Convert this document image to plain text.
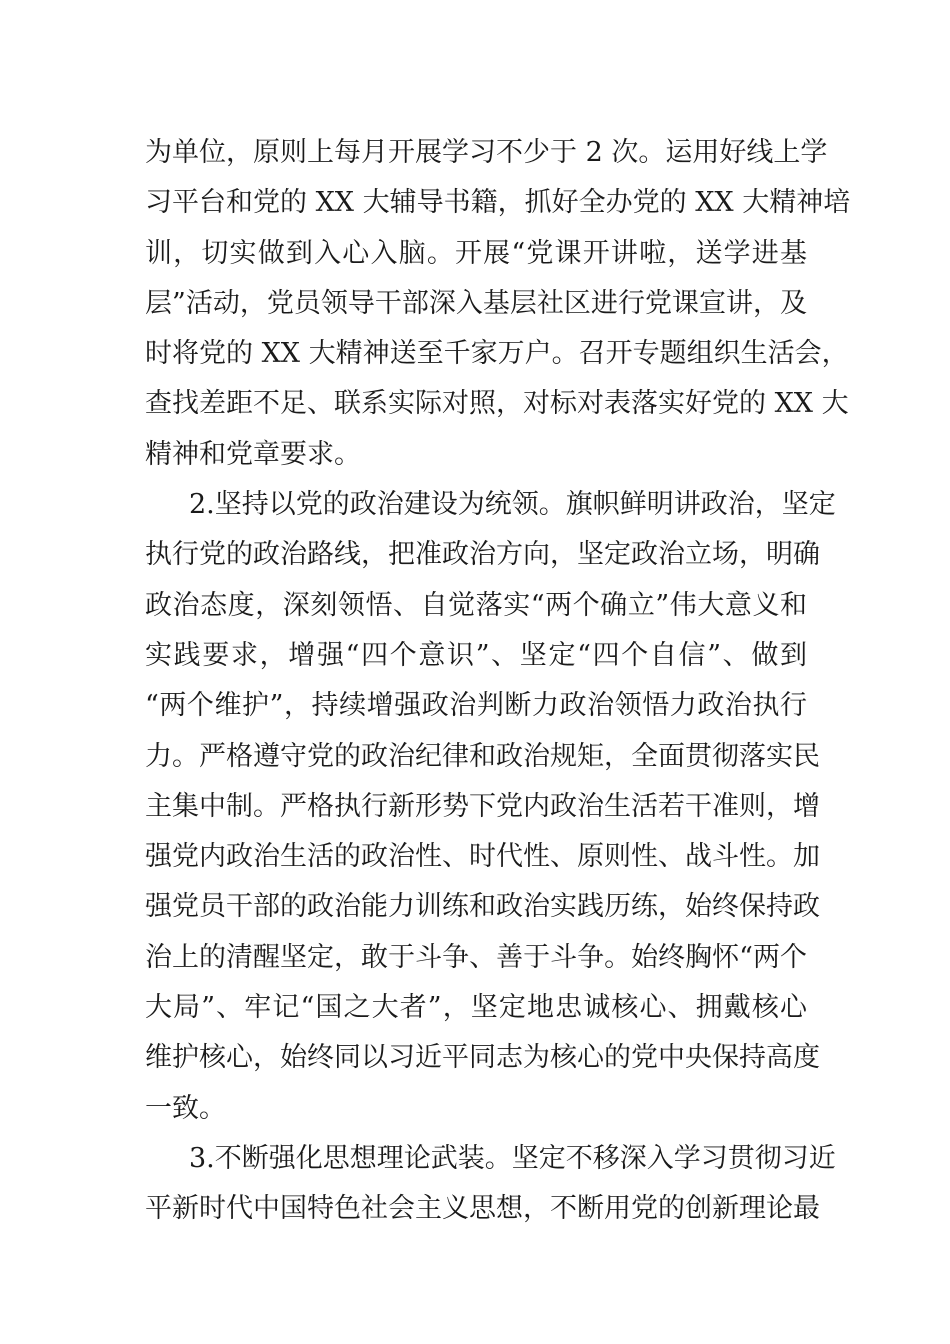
为单位，原则上每月开展学习不少于 2 次。运用好线上学
习平台和党的 XX 大辅导书籍，抓好全办党的 XX 大精神培
训，切实做到入心入脑。开展“党课开讲啦，送学进基
层”活动，党员领导干部深入基层社区进行党课宣讲，及
时将党的 XX 大精神送至千家万户。召开专题组织生活会，
查找差距不足、联系实际对照，对标对表落实好党的 XX 大
精神和党章要求。
2.坚持以党的政治建设为统领。旗帜鲜明讲政治，坚定
执行党的政治路线，把准政治方向，坚定政治立场，明确
政治态度，深刻领悟、自觉落实“两个确立”伟大意义和
实践要求，增强“四个意识”、坚定“四个自信”、做到
“两个维护”，持续增强政治判断力政治领悟力政治执行
力。严格遵守党的政治纪律和政治规矩，全面贯彻落实民
主集中制。严格执行新形势下党内政治生活若干准则，增
强党内政治生活的政治性、时代性、原则性、战斗性。加
强党员干部的政治能力训练和政治实践历练，始终保持政
治上的清醒坚定，敢于斗争、善于斗争。始终胸怀“两个
大局”、牢记“国之大者”，坚定地忠诚核心、拥戴核心
维护核心，始终同以习近平同志为核心的党中央保持高度
一致。
3.不断强化思想理论武装。坚定不移深入学习贯彻习近
平新时代中国特色社会主义思想，不断用党的创新理论最
